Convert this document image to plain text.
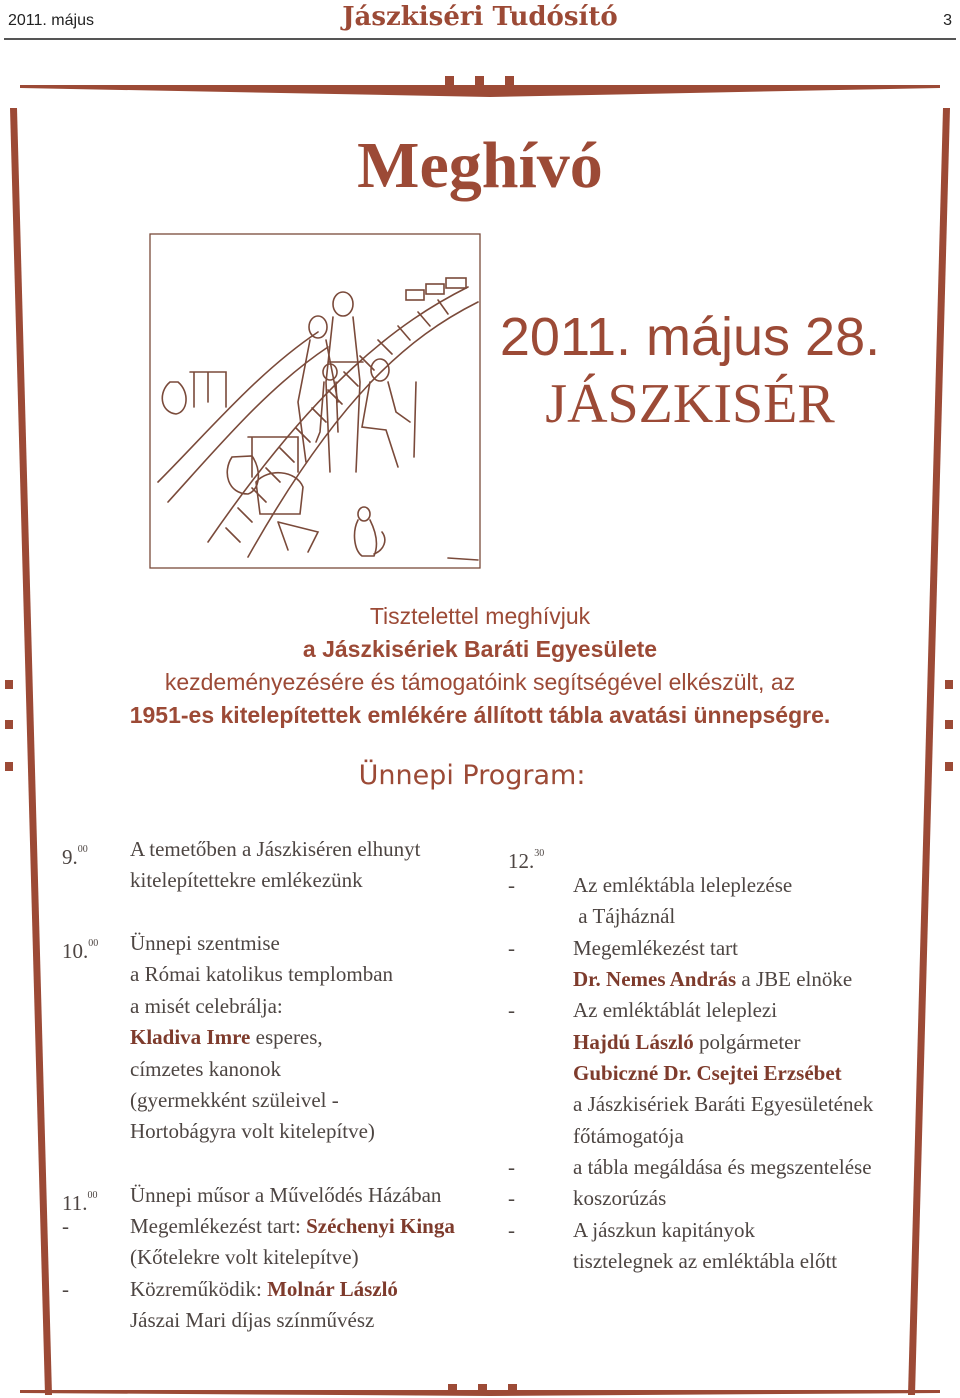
2011. május	Jászkiséri Tudósító	3
Meghívó
2011. május 28.
JÁSZKISÉR
Tisztelettel meghívjuk
a Jászkisériek Baráti Egyesülete
kezdeményezésére és támogatóink segítségével elkészült, az
1951-es kitelepítettek emlékére állított tábla avatási ünnepségre.
Ünnepi Program:
9.00 A temetőben a Jászkiséren elhunyt
kitelepítettekre emlékezünk
10.00 Ünnepi szentmise
a Római katolikus templomban
a misét celebrálja:
Kladiva Imre esperes,
címzetes kanonok
(gyermekként szüleivel -
Hortobágyra volt kitelepítve)
11.00 Ünnepi műsor a Művelődés Házában
-	Megemlékezést tart: Széchenyi Kinga
(Kőtelekre volt kitelepítve)
-	Közreműködik: Molnár László
Jászai Mari díjas színművész
12.30
-	Az emléktábla leleplezése
a Tájháznál
-	Megemlékezést tart
Dr. Nemes András a JBE elnöke
-	Az emléktáblát leleplezi
Hajdú László polgármeter
Gubiczné Dr. Csejtei Erzsébet
a Jászkisériek Baráti Egyesületének
főtámogatója
-	a tábla megáldása és megszentelése
-	koszorúzás
-	A jászkun kapitányok
tisztelegnek az emléktábla előtt
